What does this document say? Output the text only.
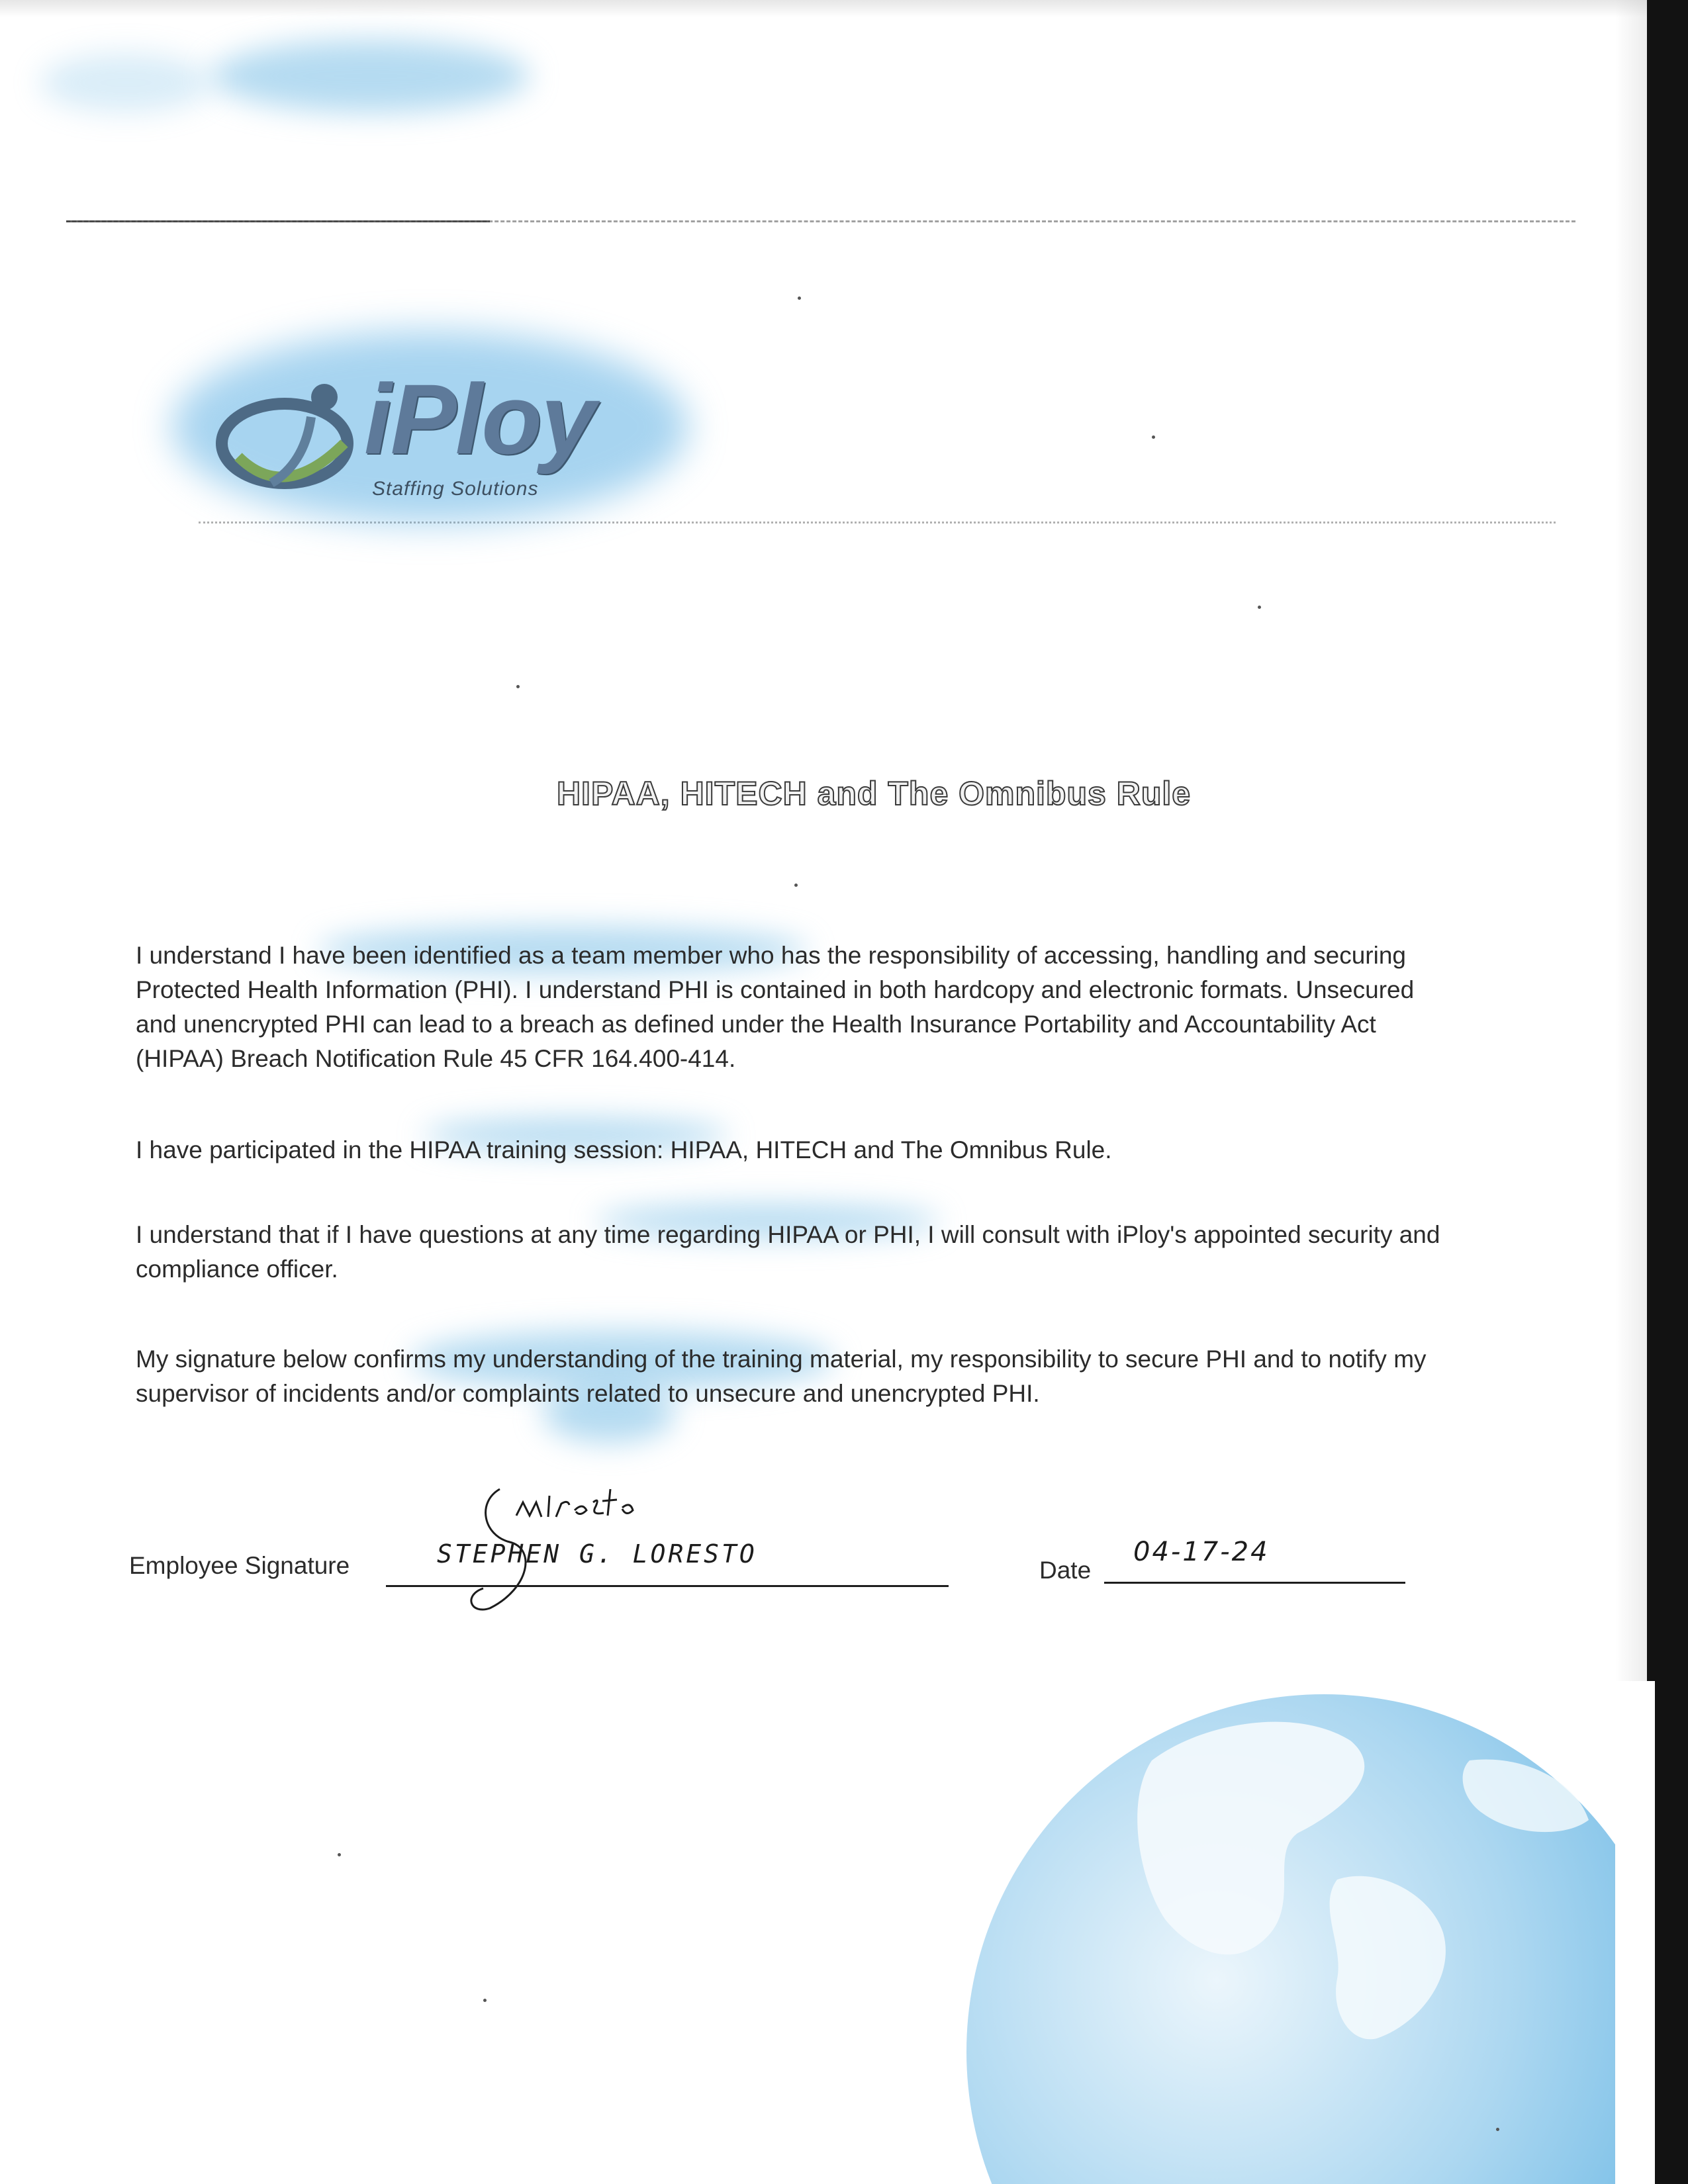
iPloy
Staffing Solutions
HIPAA, HITECH and The Omnibus Rule

I understand I have been identified as a team member who has the responsibility of accessing, handling and securing
Protected Health Information (PHI). I understand PHI is contained in both hardcopy and electronic formats. Unsecured
and unencrypted PHI can lead to a breach as defined under the Health Insurance Portability and Accountability Act
(HIPAA) Breach Notification Rule 45 CFR 164.400-414.

I have participated in the HIPAA training session: HIPAA, HITECH and The Omnibus Rule.

I understand that if I have questions at any time regarding HIPAA or PHI, I will consult with iPloy's appointed security and
compliance officer.

My signature below confirms my understanding of the training material, my responsibility to secure PHI and to notify my
supervisor of incidents and/or complaints related to unsecure and unencrypted PHI.

Employee Signature	STEPHEN G. LORESTO
Date
04-17-24
